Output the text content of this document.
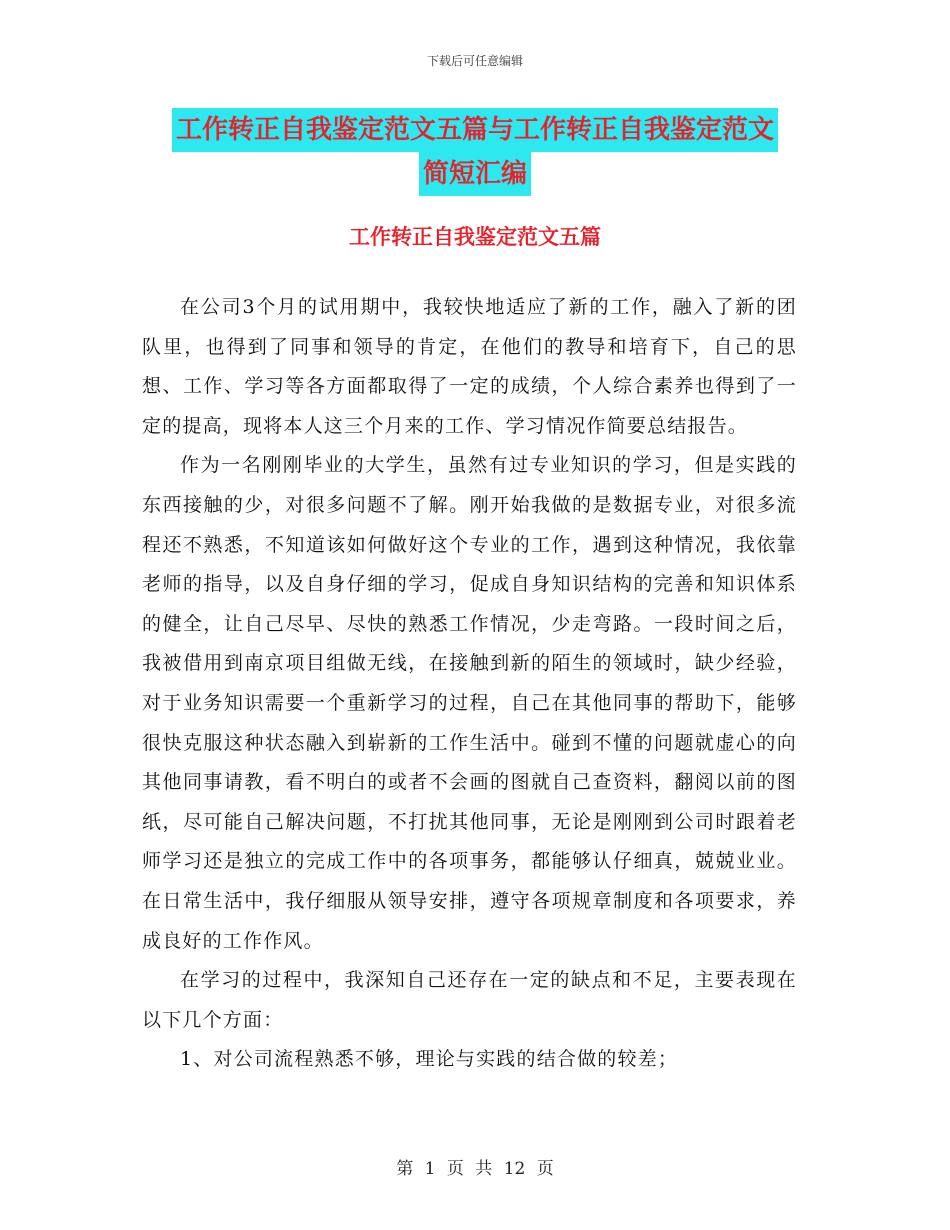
下载后可任意编辑
工作转正自我鉴定范文五篇与工作转正自我鉴定范文
简短汇编
工作转正自我鉴定范文五篇

在公司3个月的试用期中，我较快地适应了新的工作，融入了新的团队里，也得到了同事和领导的肯定，在他们的教导和培育下，自己的思想、工作、学习等各方面都取得了一定的成绩，个人综合素养也得到了一定的提高，现将本人这三个月来的工作、学习情况作简要总结报告。

作为一名刚刚毕业的大学生，虽然有过专业知识的学习，但是实践的东西接触的少，对很多问题不了解。刚开始我做的是数据专业，对很多流程还不熟悉，不知道该如何做好这个专业的工作，遇到这种情况，我依靠老师的指导，以及自身仔细的学习，促成自身知识结构的完善和知识体系的健全，让自己尽早、尽快的熟悉工作情况，少走弯路。一段时间之后，我被借用到南京项目组做无线，在接触到新的陌生的领域时，缺少经验，对于业务知识需要一个重新学习的过程，自己在其他同事的帮助下，能够很快克服这种状态融入到崭新的工作生活中。碰到不懂的问题就虚心的向其他同事请教，看不明白的或者不会画的图就自己查资料，翻阅以前的图纸，尽可能自己解决问题，不打扰其他同事，无论是刚刚到公司时跟着老师学习还是独立的完成工作中的各项事务，都能够认仔细真，兢兢业业。在日常生活中，我仔细服从领导安排，遵守各项规章制度和各项要求，养成良好的工作作风。

在学习的过程中，我深知自己还存在一定的缺点和不足，主要表现在以下几个方面：

1、对公司流程熟悉不够，理论与实践的结合做的较差；

第 1 页 共 12 页
